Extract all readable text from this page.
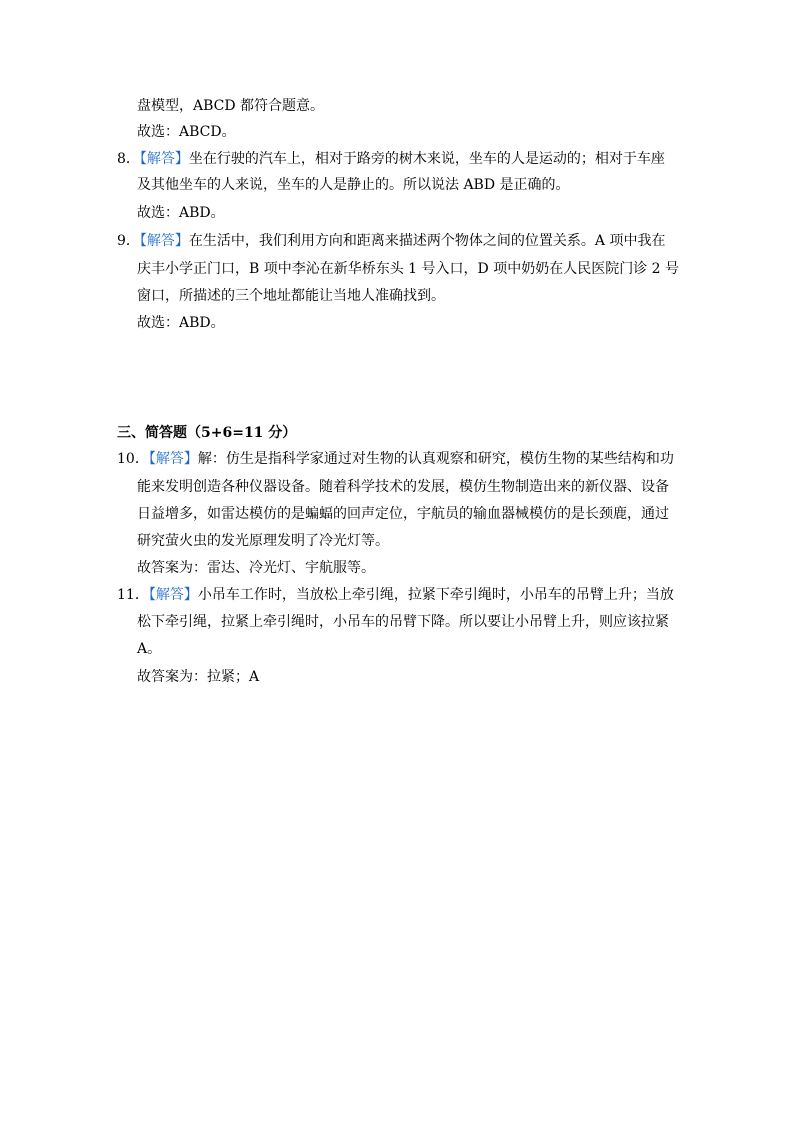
盘模型，ABCD 都符合题意。
故选：ABCD。
8．【解答】坐在行驶的汽车上，相对于路旁的树木来说，坐车的人是运动的；相对于车座
及其他坐车的人来说，坐车的人是静止的。所以说法 ABD 是正确的。
故选：ABD。
9．【解答】在生活中，我们利用方向和距离来描述两个物体之间的位置关系。A 项中我在
庆丰小学正门口，B 项中李沁在新华桥东头 1 号入口，D 项中奶奶在人民医院门诊 2 号
窗口，所描述的三个地址都能让当地人准确找到。
故选：ABD。
三、简答题（5+6=11 分）
10．【解答】解：仿生是指科学家通过对生物的认真观察和研究，模仿生物的某些结构和功
能来发明创造各种仪器设备。随着科学技术的发展，模仿生物制造出来的新仪器、设备
日益增多，如雷达模仿的是蝙蝠的回声定位，宇航员的输血器械模仿的是长颈鹿，通过
研究萤火虫的发光原理发明了冷光灯等。
故答案为：雷达、冷光灯、宇航服等。
11．【解答】小吊车工作时，当放松上牵引绳，拉紧下牵引绳时，小吊车的吊臂上升；当放
松下牵引绳，拉紧上牵引绳时，小吊车的吊臂下降。所以要让小吊臂上升，则应该拉紧
A。
故答案为：拉紧；A
